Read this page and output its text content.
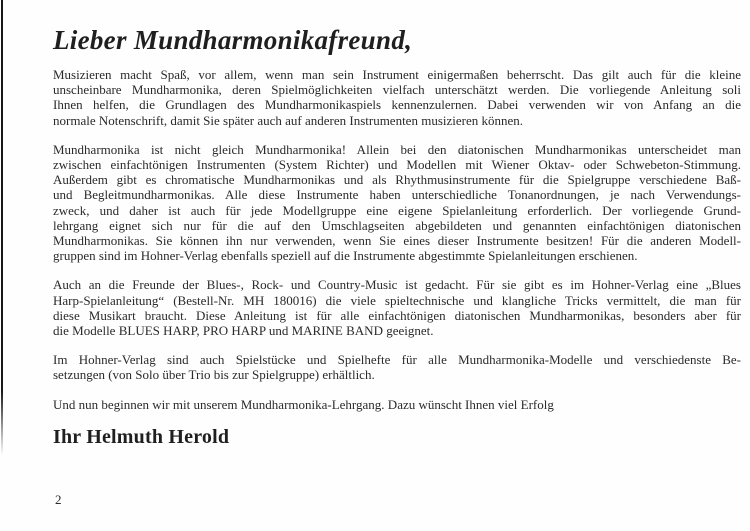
Lieber Mundharmonikafreund,
Musizieren macht Spaß, vor allem, wenn man sein Instrument einigermaßen beherrscht. Das gilt auch für die kleine
unscheinbare Mundharmonika, deren Spielmöglichkeiten vielfach unterschätzt werden. Die vorliegende Anleitung soli
Ihnen helfen, die Grundlagen des Mundharmonikaspiels kennenzulernen. Dabei verwenden wir von Anfang an die
normale Notenschrift, damit Sie später auch auf anderen Instrumenten musizieren können.
Mundharmonika ist nicht gleich Mundharmonika! Allein bei den diatonischen Mundharmonikas unterscheidet man
zwischen einfachtönigen Instrumenten (System Richter) und Modellen mit Wiener Oktav- oder Schwebeton-Stimmung.
Außerdem gibt es chromatische Mundharmonikas und als Rhythmusinstrumente für die Spielgruppe verschiedene Baß-
und Begleitmundharmonikas. Alle diese Instrumente haben unterschiedliche Tonanordnungen, je nach Verwendungs-
zweck, und daher ist auch für jede Modellgruppe eine eigene Spielanleitung erforderlich. Der vorliegende Grund-
lehrgang eignet sich nur für die auf den Umschlagseiten abgebildeten und genannten einfachtönigen diatonischen
Mundharmonikas. Sie können ihn nur verwenden, wenn Sie eines dieser Instrumente besitzen! Für die anderen Modell-
gruppen sind im Hohner-Verlag ebenfalls speziell auf die Instrumente abgestimmte Spielanleitungen erschienen.
Auch an die Freunde der Blues-, Rock- und Country-Music ist gedacht. Für sie gibt es im Hohner-Verlag eine „Blues
Harp-Spielanleitung“ (Bestell-Nr. MH 180016) die viele spieltechnische und klangliche Tricks vermittelt, die man für
diese Musikart braucht. Diese Anleitung ist für alle einfachtönigen diatonischen Mundharmonikas, besonders aber für
die Modelle BLUES HARP, PRO HARP und MARINE BAND geeignet.
Im Hohner-Verlag sind auch Spielstücke und Spielhefte für alle Mundharmonika-Modelle und verschiedenste Be-
setzungen (von Solo über Trio bis zur Spielgruppe) erhältlich.
Und nun beginnen wir mit unserem Mundharmonika-Lehrgang. Dazu wünscht Ihnen viel Erfolg
Ihr Helmuth Herold
2
